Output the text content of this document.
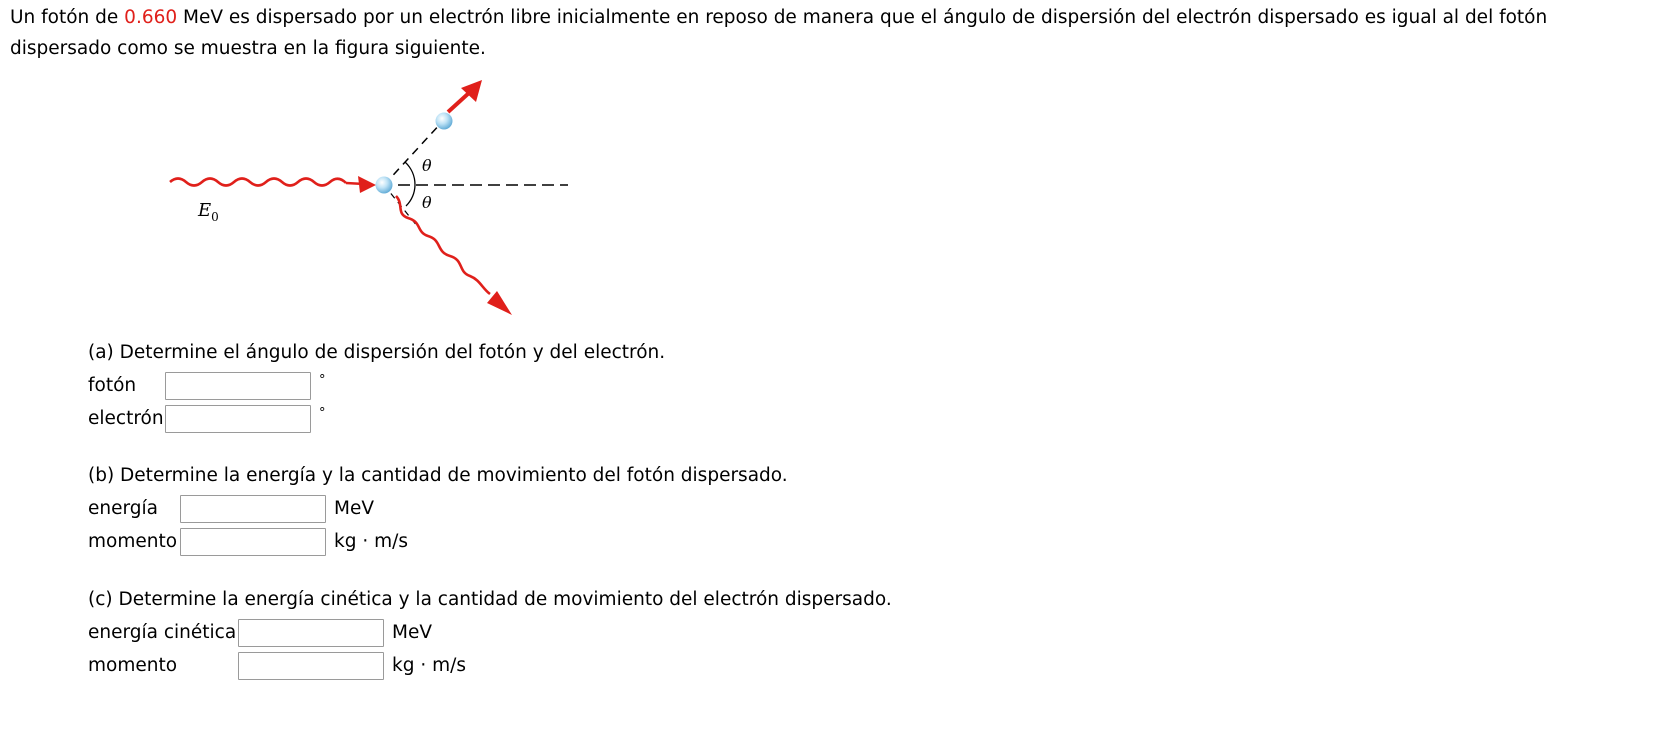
Un fotón de 0.660 MeV es dispersado por un electrón libre inicialmente en reposo de manera que el ángulo de dispersión del electrón dispersado es igual al del fotón dispersado como se muestra en la figura siguiente.
θ
θ
$E_0$
(a) Determine el ángulo de dispersión del fotón y del electrón.
fotón	°
electrón	°
(b) Determine la energía y la cantidad de movimiento del fotón dispersado.
energía	MeV
momento	kg · m/s
(c) Determine la energía cinética y la cantidad de movimiento del electrón dispersado.
energía cinética	MeV
momento	kg · m/s
